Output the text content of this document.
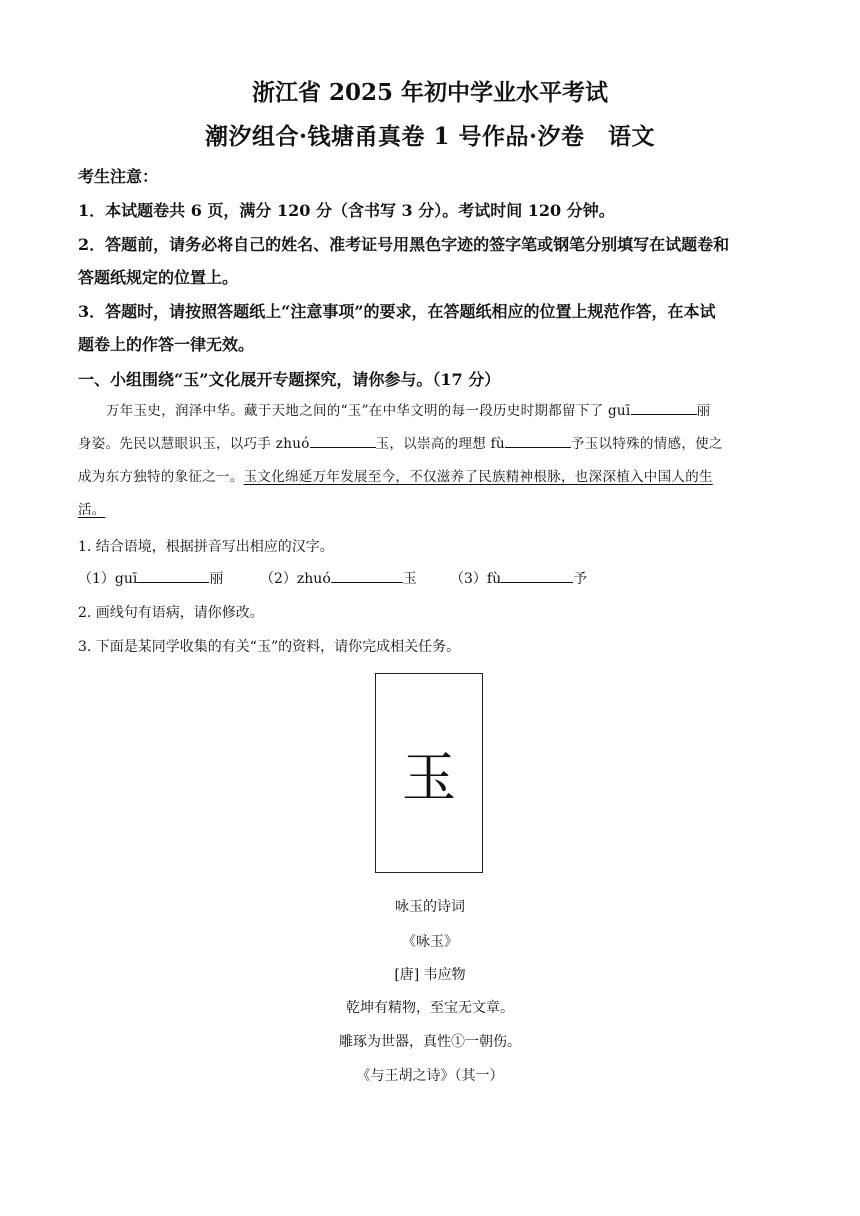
浙江省 2025 年初中学业水平考试
潮汐组合·钱塘甬真卷 1 号作品·汐卷　语文
考生注意：
1．本试题卷共 6 页，满分 120 分（含书写 3 分）。考试时间 120 分钟。
2．答题前，请务必将自己的姓名、准考证号用黑色字迹的签字笔或钢笔分别填写在试题卷和
答题纸规定的位置上。
3．答题时，请按照答题纸上“注意事项”的要求，在答题纸相应的位置上规范作答，在本试
题卷上的作答一律无效。
一、小组围绕“玉”文化展开专题探究，请你参与。（17 分）
万年玉史，润泽中华。藏于天地之间的“玉”在中华文明的每一段历史时期都留下了 guī	丽
身姿。先民以慧眼识玉，以巧手 zhuó	玉，以崇高的理想 fù	予玉以特殊的情感，使之
成为东方独特的象征之一。玉文化绵延万年发展至今，不仅滋养了民族精神根脉，也深深植入中国人的生
活。
1. 结合语境，根据拼音写出相应的汉字。
（1）guī	丽	（2）zhuó	玉 （3）fù	予
2. 画线句有语病，请你修改。
3. 下面是某同学收集的有关“玉”的资料，请你完成相关任务。
玉
咏玉的诗词
《咏玉》
[唐] 韦应物
乾坤有精物，至宝无文章。
雕琢为世器，真性①一朝伤。
《与王胡之诗》（其一）
